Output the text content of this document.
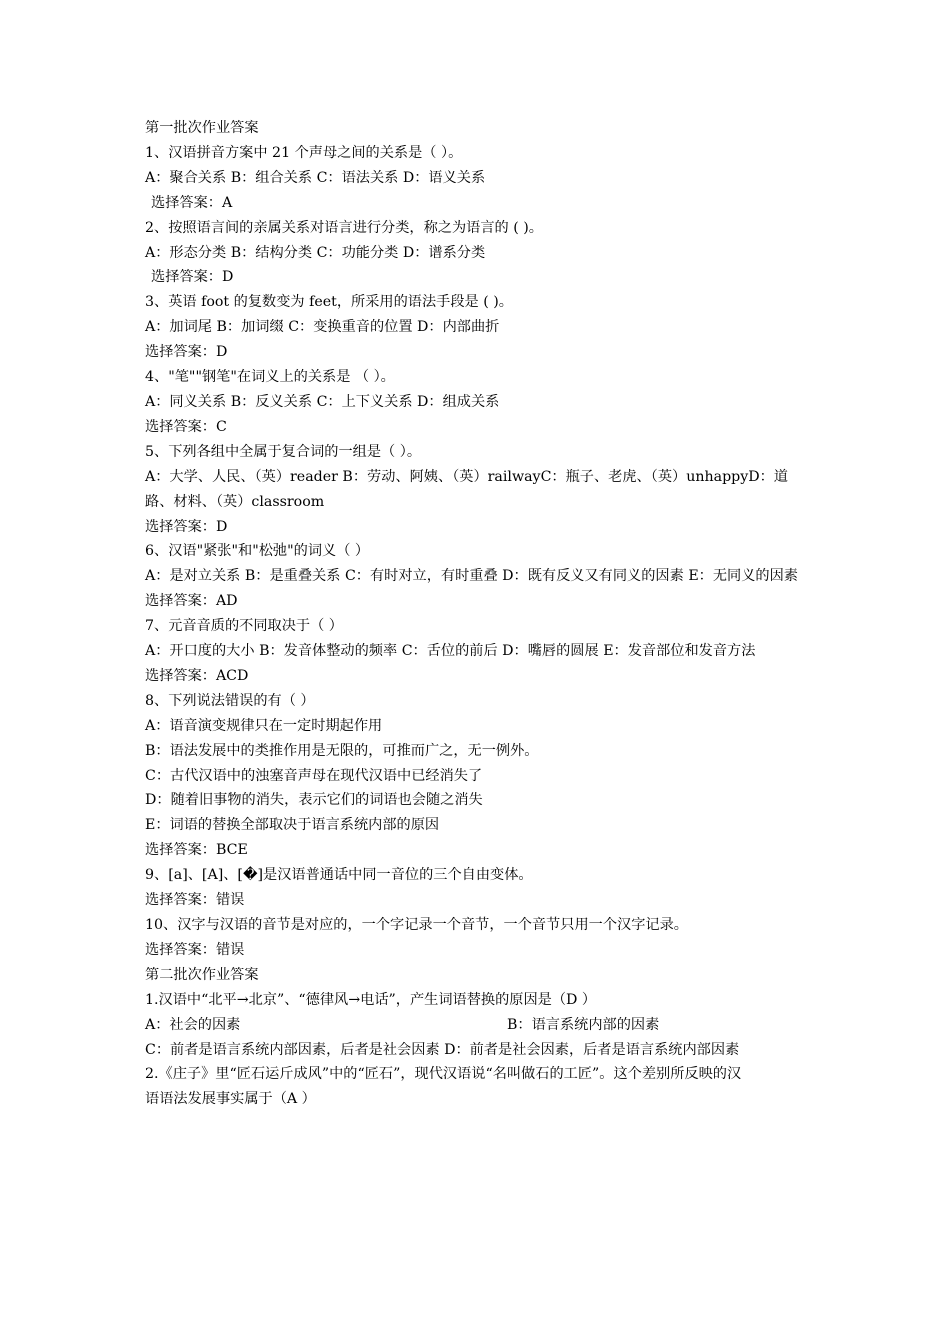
第一批次作业答案
1、汉语拼音方案中 21 个声母之间的关系是（ ）。
A：聚合关系 B：组合关系 C：语法关系 D：语义关系
选择答案：A
2、按照语言间的亲属关系对语言进行分类，称之为语言的 ( )。
A：形态分类 B：结构分类 C：功能分类 D：谱系分类
选择答案：D
3、英语 foot 的复数变为 feet，所采用的语法手段是 ( )。
A：加词尾 B：加词缀 C：变换重音的位置 D：内部曲折
选择答案：D
4、"笔""钢笔"在词义上的关系是 （ ）。
A：同义关系 B：反义关系 C：上下义关系 D：组成关系
选择答案：C
5、下列各组中全属于复合词的一组是（ ）。
A：大学、人民、（英）reader B：劳动、阿姨、（英）railwayC：瓶子、老虎、（英）unhappyD：道路、材料、（英）classroom
选择答案：D
6、汉语"紧张"和"松弛"的词义（ ）
A：是对立关系 B：是重叠关系 C：有时对立，有时重叠 D：既有反义又有同义的因素 E：无同义的因素
选择答案：AD
7、元音音质的不同取决于（ ）
A：开口度的大小 B：发音体整动的频率 C：舌位的前后 D：嘴唇的圆展 E：发音部位和发音方法
选择答案：ACD
8、下列说法错误的有（ ）
A：语音演变规律只在一定时期起作用
B：语法发展中的类推作用是无限的，可推而广之，无一例外。
C：古代汉语中的浊塞音声母在现代汉语中已经消失了
D：随着旧事物的消失，表示它们的词语也会随之消失
E：词语的替换全部取决于语言系统内部的原因
选择答案：BCE
9、[a]、[A]、[�]是汉语普通话中同一音位的三个自由变体。
选择答案：错误
10、汉字与汉语的音节是对应的，一个字记录一个音节，一个音节只用一个汉字记录。
选择答案：错误
第二批次作业答案
1.汉语中“北平→北京”、“德律风→电话”，产生词语替换的原因是（D ）
A：社会的因素	B：语言系统内部的因素
C：前者是语言系统内部因素，后者是社会因素 D：前者是社会因素，后者是语言系统内部因素
2.《庄子》里“匠石运斤成风”中的“匠石”，现代汉语说“名叫做石的工匠”。这个差别所反映的汉
语语法发展事实属于（A ）
